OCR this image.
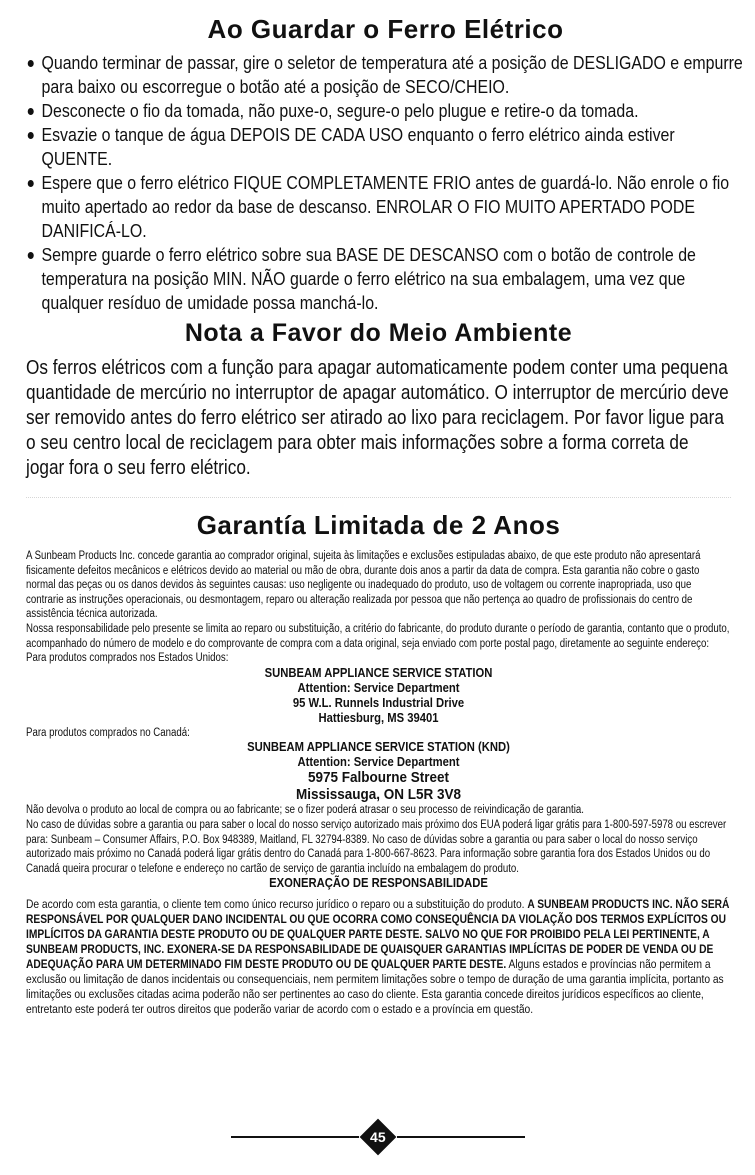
Ao Guardar o Ferro Elétrico
Quando terminar de passar, gire o seletor de temperatura até a posição de DESLIGADO e empurre para baixo ou escorregue o botão até a posição de SECO/CHEIO.
Desconecte o fio da tomada, não puxe-o, segure-o pelo plugue e retire-o da tomada.
Esvazie o tanque de água DEPOIS DE CADA USO enquanto o ferro elétrico ainda estiver QUENTE.
Espere que o ferro elétrico FIQUE COMPLETAMENTE FRIO antes de guardá-lo. Não enrole o fio muito apertado ao redor da base de descanso. ENROLAR O FIO MUITO APERTADO PODE DANIFICÁ-LO.
Sempre guarde o ferro elétrico sobre sua BASE DE DESCANSO com o botão de controle de temperatura na posição MIN. NÃO guarde o ferro elétrico na sua embalagem, uma vez que qualquer resíduo de umidade possa manchá-lo.
Nota a Favor do Meio Ambiente

Os ferros elétricos com a função para apagar automaticamente podem conter uma pequena quantidade de mercúrio no interruptor de apagar automático. O interruptor de mercúrio deve ser removido antes do ferro elétrico ser atirado ao lixo para reciclagem. Por favor ligue para o seu centro local de reciclagem para obter mais informações sobre a forma correta de jogar fora o seu ferro elétrico.

Garantía Limitada de 2 Anos

A Sunbeam Products Inc. concede garantia ao comprador original, sujeita às limitações e exclusões estipuladas abaixo, de que este produto não apresentará fisicamente defeitos mecânicos e elétricos devido ao material ou mão de obra, durante dois anos a partir da data de compra. Esta garantia não cobre o gasto normal das peças ou os danos devidos às seguintes causas: uso negligente ou inadequado do produto, uso de voltagem ou corrente inapropriada, uso que contrarie as instruções operacionais, ou desmontagem, reparo ou alteração realizada por pessoa que não pertença ao quadro de profissionais do centro de assistência técnica autorizada.

Nossa responsabilidade pelo presente se limita ao reparo ou substituição, a critério do fabricante, do produto durante o período de garantia, contanto que o produto, acompanhado do número de modelo e do comprovante de compra com a data original, seja enviado com porte postal pago, diretamente ao seguinte endereço:

Para produtos comprados nos Estados Unidos:

SUNBEAM APPLIANCE SERVICE STATION

Attention: Service Department

95 W.L. Runnels Industrial Drive

Hattiesburg, MS 39401

Para produtos comprados no Canadá:

SUNBEAM APPLIANCE SERVICE STATION (KND)

Attention: Service Department

5975 Falbourne Street

Mississauga, ON L5R 3V8

Não devolva o produto ao local de compra ou ao fabricante; se o fizer poderá atrasar o seu processo de reivindicação de garantia.

No caso de dúvidas sobre a garantia ou para saber o local do nosso serviço autorizado mais próximo dos EUA poderá ligar grátis para 1-800-597-5978 ou escrever para: Sunbeam – Consumer Affairs, P.O. Box 948389, Maitland, FL 32794-8389. No caso de dúvidas sobre a garantia ou para saber o local do nosso serviço autorizado mais próximo no Canadá poderá ligar grátis dentro do Canadá para 1-800-667-8623. Para informação sobre garantia fora dos Estados Unidos ou do Canadá queira procurar o telefone e endereço no cartão de serviço de garantia incluído na embalagem do produto.

EXONERAÇÃO DE RESPONSABILIDADE

De acordo com esta garantia, o cliente tem como único recurso jurídico o reparo ou a substituição do produto. A SUNBEAM PRODUCTS INC. NÃO SERÁ RESPONSÁVEL POR QUALQUER DANO INCIDENTAL OU QUE OCORRA COMO CONSEQUÊNCIA DA VIOLAÇÃO DOS TERMOS EXPLÍCITOS OU IMPLÍCITOS DA GARANTIA DESTE PRODUTO OU DE QUALQUER PARTE DESTE. SALVO NO QUE FOR PROIBIDO PELA LEI PERTINENTE, A SUNBEAM PRODUCTS, INC. EXONERA-SE DA RESPONSABILIDADE DE QUAISQUER GARANTIAS IMPLÍCITAS DE PODER DE VENDA OU DE ADEQUAÇÃO PARA UM DETERMINADO FIM DESTE PRODUTO OU DE QUALQUER PARTE DESTE. Alguns estados e províncias não permitem a exclusão ou limitação de danos incidentais ou consequenciais, nem permitem limitações sobre o tempo de duração de uma garantia implícita, portanto as limitações ou exclusões citadas acima poderão não ser pertinentes ao caso do cliente. Esta garantia concede direitos jurídicos específicos ao cliente, entretanto este poderá ter outros direitos que poderão variar de acordo com o estado e a província em questão.

45
